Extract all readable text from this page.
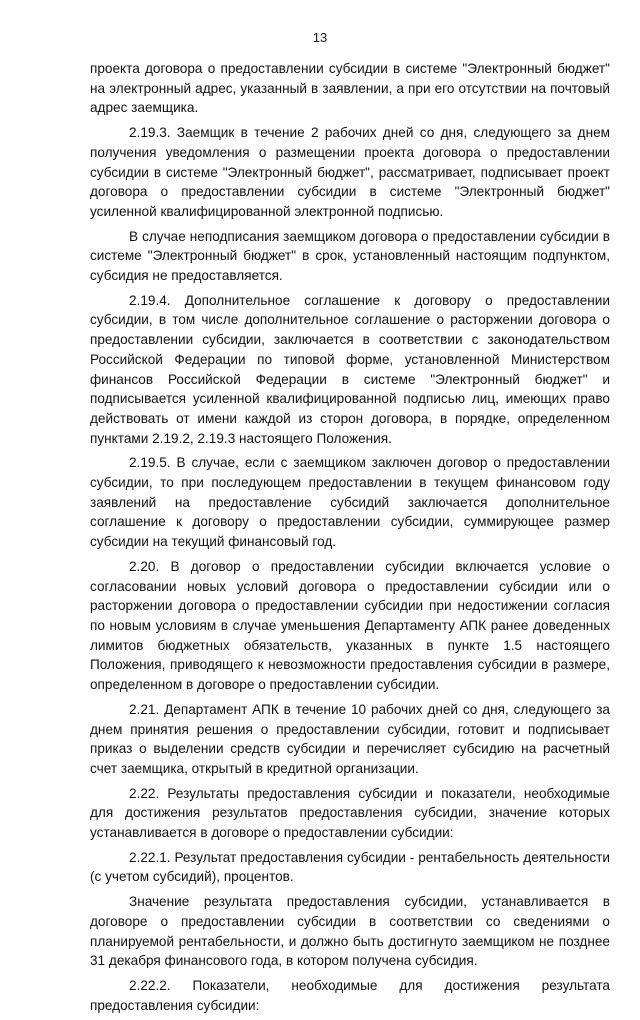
13

проекта договора о предоставлении субсидии в системе "Электронный бюджет" на электронный адрес, указанный в заявлении, а при его отсутствии на почтовый адрес заемщика.

2.19.3. Заемщик в течение 2 рабочих дней со дня, следующего за днем получения уведомления о размещении проекта договора о предоставлении субсидии в системе "Электронный бюджет", рассматривает, подписывает проект договора о предоставлении субсидии в системе "Электронный бюджет" усиленной квалифицированной электронной подписью.

В случае неподписания заемщиком договора о предоставлении субсидии в системе "Электронный бюджет" в срок, установленный настоящим подпунктом, субсидия не предоставляется.

2.19.4. Дополнительное соглашение к договору о предоставлении субсидии, в том числе дополнительное соглашение о расторжении договора о предоставлении субсидии, заключается в соответствии с законодательством Российской Федерации по типовой форме, установленной Министерством финансов Российской Федерации в системе "Электронный бюджет" и подписывается усиленной квалифицированной подписью лиц, имеющих право действовать от имени каждой из сторон договора, в порядке, определенном пунктами 2.19.2, 2.19.3 настоящего Положения.

2.19.5. В случае, если с заемщиком заключен договор о предоставлении субсидии, то при последующем предоставлении в текущем финансовом году заявлений на предоставление субсидий заключается дополнительное соглашение к договору о предоставлении субсидии, суммирующее размер субсидии на текущий финансовый год.

2.20. В договор о предоставлении субсидии включается условие о согласовании новых условий договора о предоставлении субсидии или о расторжении договора о предоставлении субсидии при недостижении согласия по новым условиям в случае уменьшения Департаменту АПК ранее доведенных лимитов бюджетных обязательств, указанных в пункте 1.5 настоящего Положения, приводящего к невозможности предоставления субсидии в размере, определенном в договоре о предоставлении субсидии.

2.21. Департамент АПК в течение 10 рабочих дней со дня, следующего за днем принятия решения о предоставлении субсидии, готовит и подписывает приказ о выделении средств субсидии и перечисляет субсидию на расчетный счет заемщика, открытый в кредитной организации.

2.22. Результаты предоставления субсидии и показатели, необходимые для достижения результатов предоставления субсидии, значение которых устанавливается в договоре о предоставлении субсидии:

2.22.1. Результат предоставления субсидии - рентабельность деятельности (с учетом субсидий), процентов.

Значение результата предоставления субсидии, устанавливается в договоре о предоставлении субсидии в соответствии со сведениями о планируемой рентабельности, и должно быть достигнуто заемщиком не позднее 31 декабря финансового года, в котором получена субсидия.

2.22.2. Показатели, необходимые для достижения результата предоставления субсидии:
